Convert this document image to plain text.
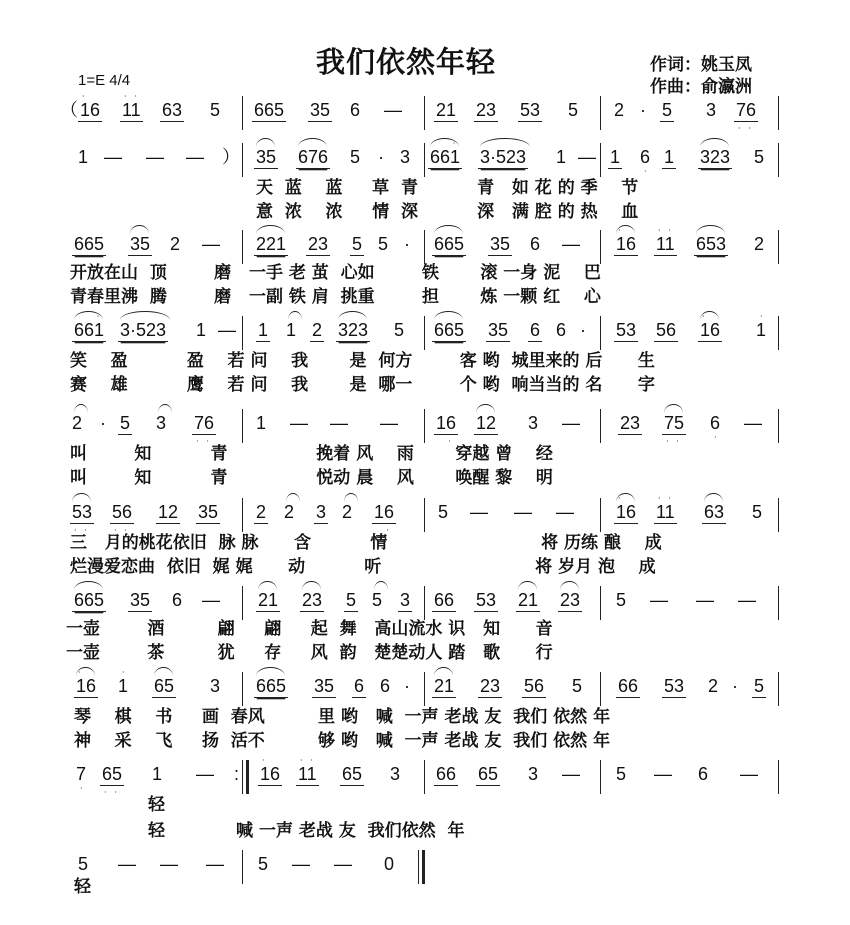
我们依然年轻	作词：姚玉凤
作曲：俞瀛洲
1=E 4/4
（ 16
·
11
· ·
63 5 665 35 6 — 21 23 53 5 2 · 5 3 76
· ·
1 — — — ） 35 676 5 · 3 661
·
3·523 1 — 1 6
·
1 323 5
天  蓝    蓝     草  青          青   如 花 的 季    节
意  浓    浓     情  深          深   满 腔 的 热    血
665 35 2 — 221 23 5 5 · 665 35 6 — 16
·
11
· ·
653 2
开放在山  顶        磨   一手 老 茧  心如        铁       滚 一身 泥    巴
青春里沸  腾        磨   一副 铁 肩  挑重        担       炼 一颗 红    心
661
·
3·523 1 — 1 1 2 323 5 665 35 6 6 · 53 56 16
·
1
·
笑    盈          盈    若 问    我       是  何方        客 哟  城里来的 后      生
赛    雄          鹰    若 问    我       是  哪一        个 哟  响当当的 名      字
2 · 5 3 76
· ·
1 — — — 16
·
12 3 — 23 75
· ·
6
·
—
叫        知          青               挽着 风    雨       穿越 曾    经
叫        知          青               悦动 晨    风       唤醒 黎    明
53
· ·
56
· ·
12 35 2 2 3 2 16
·
5 — — — 16
·
11
· ·
63 5
三   月的桃花依旧  脉 脉      含          情                          将 历练 酿    成
烂漫爱恋曲  依旧  娓 娓      动          听                          将 岁月 泡    成
665 35 6 — 21 23 5 5 3 66 53 21 23 5 — — —
一壶        酒         翩     翩     起  舞   高山流水 识   知      音
一壶        茶         犹     存     风  韵   楚楚动人 踏   歌      行
16
·
1
·
65 3 665 35 6 6 · 21 23 56 5 66 53 2 · 5
琴    棋    书     画  春风         里 哟   喊  一声 老战 友  我们 依然 年
神    采    飞     扬  活不         够 哟   喊  一声 老战 友  我们 依然 年
7
·
65
· ·
1 — : 16
·
11
· ·
65 3 66 65 3 — 5 — 6 —
轻
轻            喊 一声 老战 友  我们依然  年
5 — — — 5 — — 0
轻
